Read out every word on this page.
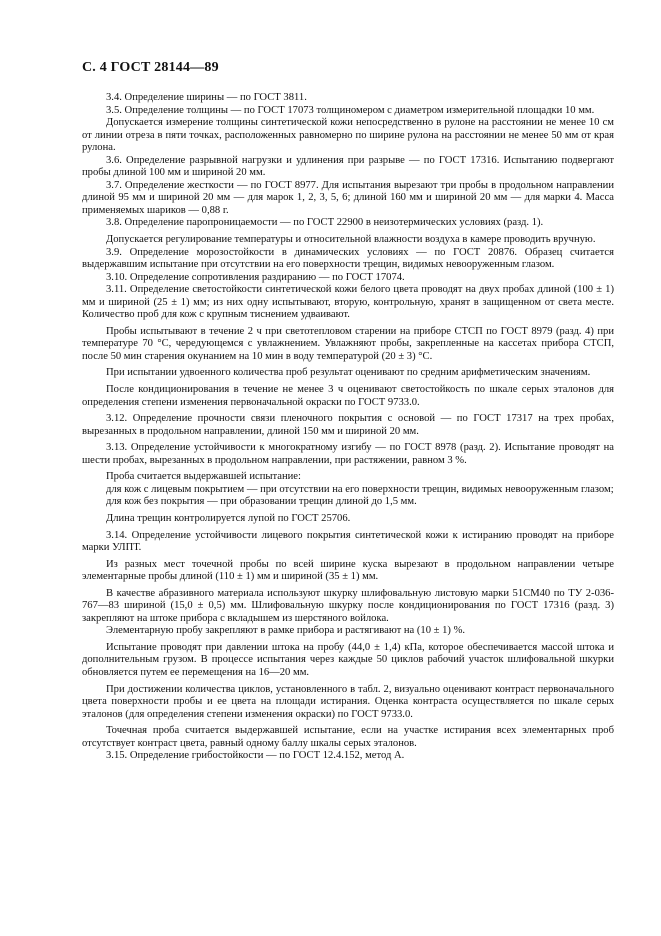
С. 4 ГОСТ 28144—89

3.4. Определение ширины — по ГОСТ 3811.

3.5. Определение толщины — по ГОСТ 17073 толщиномером с диаметром измерительной площадки 10 мм.

Допускается измерение толщины синтетической кожи непосредственно в рулоне на расстоянии не менее 10 см от линии отреза в пяти точках, расположенных равномерно по ширине рулона на расстоянии не менее 50 мм от края рулона.

3.6. Определение разрывной нагрузки и удлинения при разрыве — по ГОСТ 17316. Испытанию подвергают пробы длиной 100 мм и шириной 20 мм.

3.7. Определение жесткости — по ГОСТ 8977. Для испытания вырезают три пробы в продольном направлении длиной 95 мм и шириной 20 мм — для марок 1, 2, 3, 5, 6; длиной 160 мм и шириной 20 мм — для марки 4. Масса применяемых шариков — 0,88 г.

3.8. Определение паропроницаемости — по ГОСТ 22900 в неизотермических условиях (разд. 1).

Допускается регулирование температуры и относительной влажности воздуха в камере проводить вручную.

3.9. Определение морозостойкости в динамических условиях — по ГОСТ 20876. Образец считается выдержавшим испытание при отсутствии на его поверхности трещин, видимых невооруженным глазом.

3.10. Определение сопротивления раздиранию — по ГОСТ 17074.

3.11. Определение светостойкости синтетической кожи белого цвета проводят на двух пробах длиной (100 ± 1) мм и шириной (25 ± 1) мм; из них одну испытывают, вторую, контрольную, хранят в защищенном от света месте. Количество проб для кож с крупным тиснением удваивают.

Пробы испытывают в течение 2 ч при светотепловом старении на приборе СТСП по ГОСТ 8979 (разд. 4) при температуре 70 °С, чередующемся с увлажнением. Увлажняют пробы, закрепленные на кассетах прибора СТСП, после 50 мин старения окунанием на 10 мин в воду температурой (20 ± 3) °С.

При испытании удвоенного количества проб результат оценивают по средним арифметическим значениям.

После кондиционирования в течение не менее 3 ч оценивают светостойкость по шкале серых эталонов для определения степени изменения первоначальной окраски по ГОСТ 9733.0.

3.12. Определение прочности связи пленочного покрытия с основой — по ГОСТ 17317 на трех пробах, вырезанных в продольном направлении, длиной 150 мм и шириной 20 мм.

3.13. Определение устойчивости к многократному изгибу — по ГОСТ 8978 (разд. 2). Испытание проводят на шести пробах, вырезанных в продольном направлении, при растяжении, равном 3 %.

Проба считается выдержавшей испытание:

для кож с лицевым покрытием — при отсутствии на его поверхности трещин, видимых невооруженным глазом;

для кож без покрытия — при образовании трещин длиной до 1,5 мм.

Длина трещин контролируется лупой по ГОСТ 25706.

3.14. Определение устойчивости лицевого покрытия синтетической кожи к истиранию проводят на приборе марки УЛПТ.

Из разных мест точечной пробы по всей ширине куска вырезают в продольном направлении четыре элементарные пробы длиной (110 ± 1) мм и шириной (35 ± 1) мм.

В качестве абразивного материала используют шкурку шлифовальную листовую марки 51СМ40 по ТУ 2-036-767—83 шириной (15,0 ± 0,5) мм. Шлифовальную шкурку после кондиционирования по ГОСТ 17316 (разд. 3) закрепляют на штоке прибора с вкладышем из шерстяного войлока.

Элементарную пробу закрепляют в рамке прибора и растягивают на (10 ± 1) %.

Испытание проводят при давлении штока на пробу (44,0 ± 1,4) кПа, которое обеспечивается массой штока и дополнительным грузом. В процессе испытания через каждые 50 циклов рабочий участок шлифовальной шкурки обновляется путем ее перемещения на 16—20 мм.

При достижении количества циклов, установленного в табл. 2, визуально оценивают контраст первоначального цвета поверхности пробы и ее цвета на площади истирания. Оценка контраста осуществляется по шкале серых эталонов (для определения степени изменения окраски) по ГОСТ 9733.0.

Точечная проба считается выдержавшей испытание, если на участке истирания всех элементарных проб отсутствует контраст цвета, равный одному баллу шкалы серых эталонов.

3.15. Определение грибостойкости — по ГОСТ 12.4.152, метод А.
